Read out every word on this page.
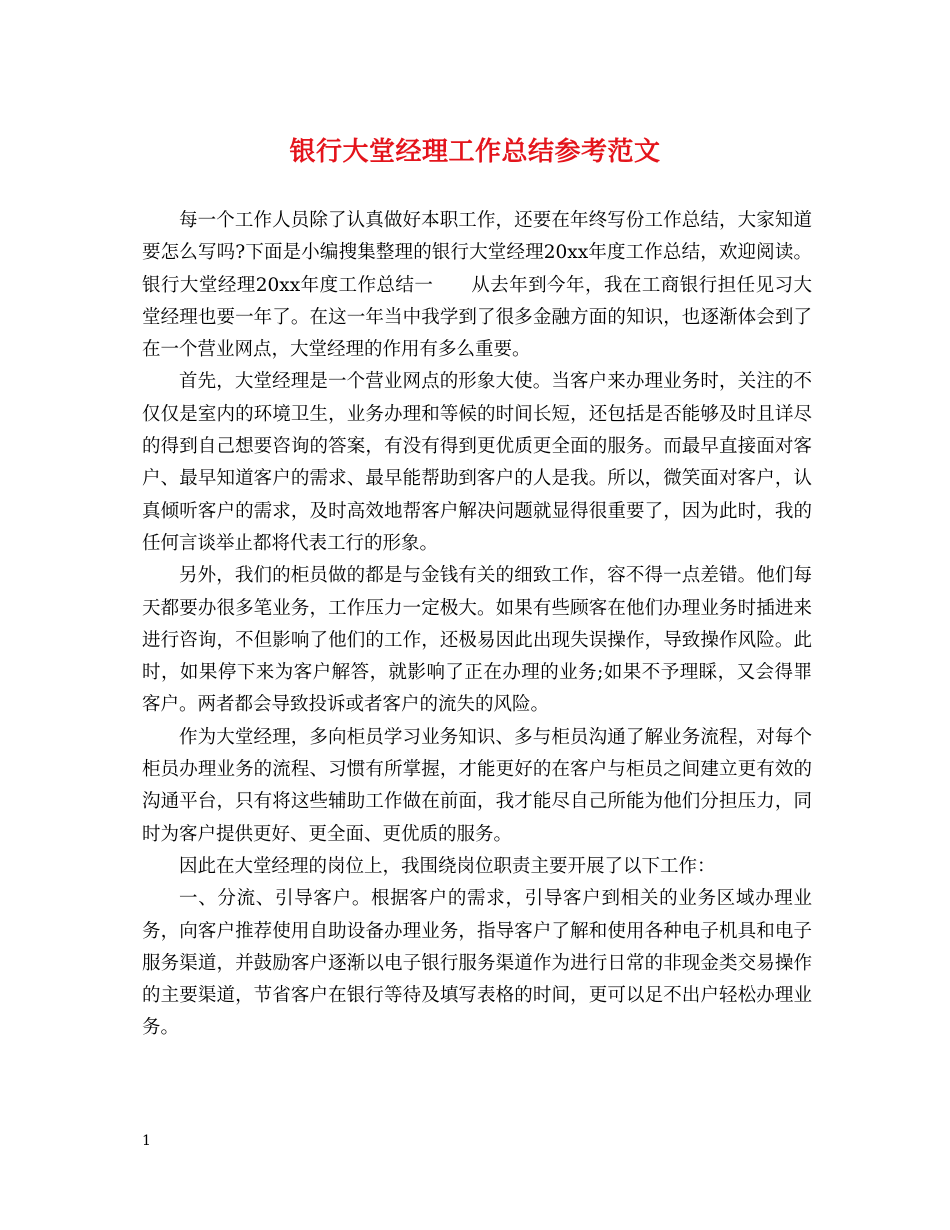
银行大堂经理工作总结参考范文

每一个工作人员除了认真做好本职工作，还要在年终写份工作总结，大家知道要怎么写吗?下面是小编搜集整理的银行大堂经理20xx年度工作总结，欢迎阅读。银行大堂经理20xx年度工作总结一　　从去年到今年，我在工商银行担任见习大堂经理也要一年了。在这一年当中我学到了很多金融方面的知识，也逐渐体会到了在一个营业网点，大堂经理的作用有多么重要。

首先，大堂经理是一个营业网点的形象大使。当客户来办理业务时，关注的不仅仅是室内的环境卫生，业务办理和等候的时间长短，还包括是否能够及时且详尽的得到自己想要咨询的答案，有没有得到更优质更全面的服务。而最早直接面对客户、最早知道客户的需求、最早能帮助到客户的人是我。所以，微笑面对客户，认真倾听客户的需求，及时高效地帮客户解决问题就显得很重要了，因为此时，我的任何言谈举止都将代表工行的形象。

另外，我们的柜员做的都是与金钱有关的细致工作，容不得一点差错。他们每天都要办很多笔业务，工作压力一定极大。如果有些顾客在他们办理业务时插进来进行咨询，不但影响了他们的工作，还极易因此出现失误操作，导致操作风险。此时，如果停下来为客户解答，就影响了正在办理的业务;如果不予理睬，又会得罪客户。两者都会导致投诉或者客户的流失的风险。

作为大堂经理，多向柜员学习业务知识、多与柜员沟通了解业务流程，对每个柜员办理业务的流程、习惯有所掌握，才能更好的在客户与柜员之间建立更有效的沟通平台，只有将这些辅助工作做在前面，我才能尽自己所能为他们分担压力，同时为客户提供更好、更全面、更优质的服务。

因此在大堂经理的岗位上，我围绕岗位职责主要开展了以下工作：

一、分流、引导客户。根据客户的需求，引导客户到相关的业务区域办理业务，向客户推荐使用自助设备办理业务，指导客户了解和使用各种电子机具和电子服务渠道，并鼓励客户逐渐以电子银行服务渠道作为进行日常的非现金类交易操作的主要渠道，节省客户在银行等待及填写表格的时间，更可以足不出户轻松办理业务。

1
